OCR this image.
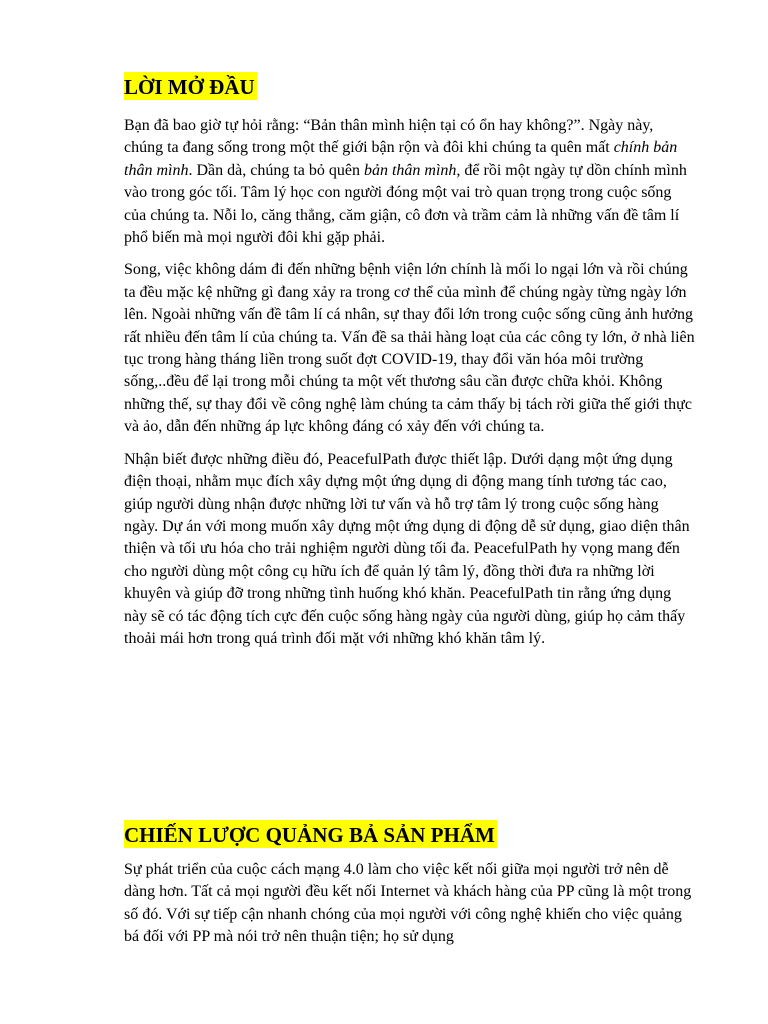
LỜI MỞ ĐẦU

Bạn đã bao giờ tự hỏi rằng: “Bản thân mình hiện tại có ổn hay không?”. Ngày này, chúng ta đang sống trong một thế giới bận rộn và đôi khi chúng ta quên mất chính bản thân mình. Dần dà, chúng ta bỏ quên bản thân mình, để rồi một ngày tự dồn chính mình vào trong góc tối. Tâm lý học con người đóng một vai trò quan trọng trong cuộc sống của chúng ta. Nỗi lo, căng thẳng, căm giận, cô đơn và trầm cảm là những vấn đề tâm lí phổ biến mà mọi người đôi khi gặp phải.

Song, việc không dám đi đến những bệnh viện lớn chính là mối lo ngại lớn và rồi chúng ta đều mặc kệ những gì đang xảy ra trong cơ thể của mình để chúng ngày từng ngày lớn lên. Ngoài những vấn đề tâm lí cá nhân, sự thay đổi lớn trong cuộc sống cũng ảnh hưởng rất nhiều đến tâm lí của chúng ta. Vấn đề sa thải hàng loạt của các công ty lớn, ở nhà liên tục trong hàng tháng liền trong suốt đợt COVID-19, thay đổi văn hóa môi trường sống,..đều để lại trong mỗi chúng ta một vết thương sâu cần được chữa khỏi. Không những thế, sự thay đổi về công nghệ làm chúng ta cảm thấy bị tách rời giữa thế giới thực và ảo, dẫn đến những áp lực không đáng có xảy đến với chúng ta.

Nhận biết được những điều đó, PeacefulPath được thiết lập. Dưới dạng một ứng dụng điện thoại, nhằm mục đích xây dựng một ứng dụng di động mang tính tương tác cao, giúp người dùng nhận được những lời tư vấn và hỗ trợ tâm lý trong cuộc sống hàng ngày. Dự án với mong muốn xây dựng một ứng dụng di động dễ sử dụng, giao diện thân thiện và tối ưu hóa cho trải nghiệm người dùng tối đa. PeacefulPath hy vọng mang đến cho người dùng một công cụ hữu ích để quản lý tâm lý, đồng thời đưa ra những lời khuyên và giúp đỡ trong những tình huống khó khăn. PeacefulPath tin rằng ứng dụng này sẽ có tác động tích cực đến cuộc sống hàng ngày của người dùng, giúp họ cảm thấy thoải mái hơn trong quá trình đối mặt với những khó khăn tâm lý.

CHIẾN LƯỢC QUẢNG BẢ SẢN PHẨM

Sự phát triển của cuộc cách mạng 4.0 làm cho việc kết nối giữa mọi người trở nên dễ dàng hơn. Tất cả mọi người đều kết nối Internet và khách hàng của PP cũng là một trong số đó. Với sự tiếp cận nhanh chóng của mọi người với công nghệ khiến cho việc quảng bá đối với PP mà nói trở nên thuận tiện; họ sử dụng
